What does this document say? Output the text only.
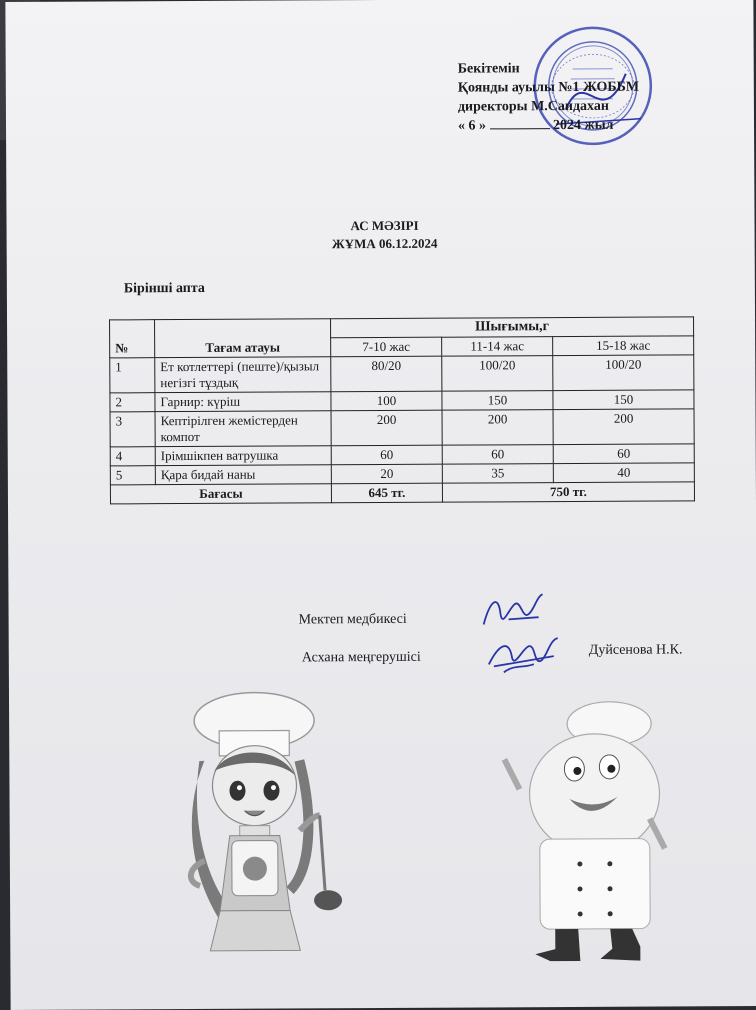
Бекітемін
Қоянды ауылы №1 ЖОББМ
директоры М.Саидахан
« 6 »	2024 жыл
АС МӘЗІРІ
ЖҰМА 06.12.2024
Бірінші апта
№	Тағам атауы	Шығымы,г		
		7-10 жас	11-14 жас	15-18 жас
1	Ет котлеттері (пеште)/қызыл негізгі тұздық	80/20	100/20	100/20
2	Гарнир: күріш	100	150	150
3	Кептірілген жемістерден компот	200	200	200
4	Ірімшікпен ватрушка	60	60	60
5	Қара бидай наны	20	35	40
Бағасы		645 тг.	750 тг.	
Мектеп медбикесі
Асхана меңгерушісі	Дуйсенова Н.К.
